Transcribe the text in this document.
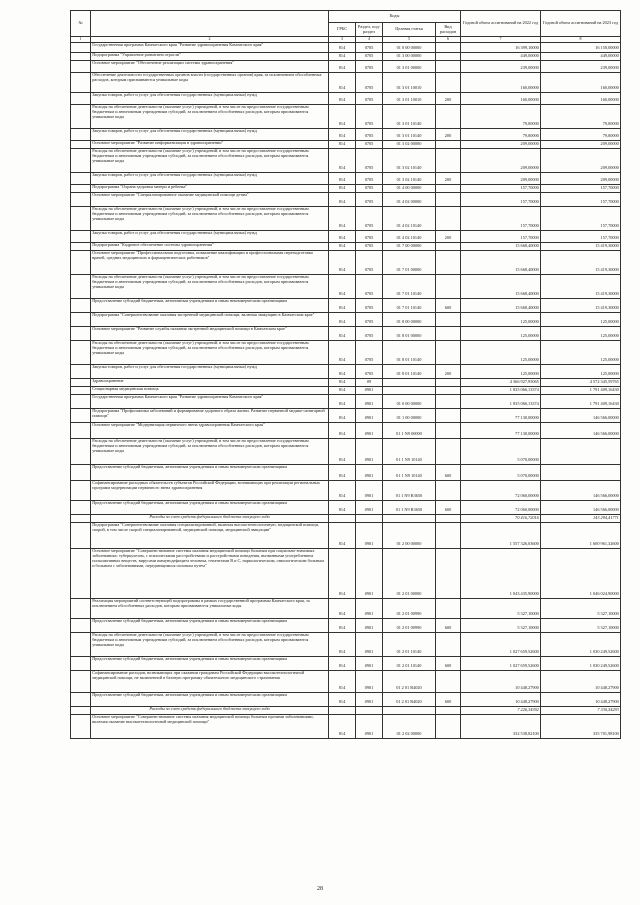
№		Коды				Годовой объем ассигнований на 2022 год	Годовой объем ассигнований на 2023 год
		ГРБС	Раздел, под-раздел	Целевая статья	Вид расходов		
1	2	3	4	5	6	7	8
	Государственная программа Камчатского края "Развитие здравоохранения Камчатского края"	814	0705	01 0 00 00000		16 399,10000	16 150,00000
	Подпрограмма "Управление развитием отрасли"	814	0705	01 3 00 00000		449,00000	449,00000
	Основное мероприятие "Обеспечение реализации системы здравоохранения"	814	0705	01 3 01 00000		239,00000	239,00000
	Обеспечение деятельности государственных органов власти (государственных органов) края, за исключением обособленных расходов, которым присваиваются уникальные коды	814	0705	01 3 01 10010		160,00000	160,00000
	Закупка товаров, работ и услуг для обеспечения государственных (муниципальных) нужд	814	0705	01 3 01 10010	200	160,00000	160,00000
	Расходы на обеспечение деятельности (оказание услуг) учреждений, в том числе на предоставление государственным бюджетным и автономным учреждениям субсидий, за исключением обособленных расходов, которым присваиваются уникальные коды	814	0705	01 3 01 10140		79,00000	79,00000
	Закупка товаров, работ и услуг для обеспечения государственных (муниципальных) нужд	814	0705	01 3 01 10140	200	79,00000	79,00000
	Основное мероприятие "Развитие информатизации в здравоохранении"	814	0705	01 3 02 00000		209,00000	209,00000
	Расходы на обеспечение деятельности (оказание услуг) учреждений, в том числе на предоставление государственным бюджетным и автономным учреждениям субсидий, за исключением обособленных расходов, которым присваиваются уникальные коды	814	0705	01 3 02 10140		209,00000	209,00000
	Закупка товаров, работ и услуг для обеспечения государственных (муниципальных) нужд	814	0705	01 3 02 10140	200	209,00000	209,00000
	Подпрограмма "Охрана здоровья матери и ребенка"	814	0705	01 4 00 00000		157,70000	157,70000
	Основное мероприятие "Специализированное оказание медицинской помощи детям"	814	0705	01 4 02 00000		157,70000	157,70000
	Расходы на обеспечение деятельности (оказание услуг) учреждений, в том числе на предоставление государственным бюджетным и автономным учреждениям субсидий, за исключением обособленных расходов, которым присваиваются уникальные коды	814	0705	01 4 02 10140		157,70000	157,70000
	Закупка товаров, работ и услуг для обеспечения государственных (муниципальных) нужд	814	0705	01 4 02 10140	200	157,70000	157,70000
	Подпрограмма "Кадровое обеспечение системы здравоохранения"	814	0705	01 7 00 00000		15 668,40000	15 419,30000
	Основное мероприятие "Профессиональная подготовка, повышение квалификации и профессиональная переподготовка врачей, средних медицинских и фармацевтических работников"	814	0705	01 7 01 00000		15 668,40000	15 419,30000
	Расходы на обеспечение деятельности (оказание услуг) учреждений, в том числе на предоставление государственным бюджетным и автономным учреждениям субсидий, за исключением обособленных расходов, которым присваиваются уникальные коды	814	0705	01 7 01 10140		15 668,40000	15 419,30000
	Предоставление субсидий бюджетным, автономным учреждениям и иным некоммерческим организациям	814	0705	01 7 01 10140	600	15 668,40000	15 419,30000
	Подпрограмма "Совершенствование оказания экстренной медицинской помощи, включая эвакуацию в Камчатском крае"	814	0705	01 8 00 00000		125,00000	125,00000
	Основное мероприятие "Развитие службы оказания экстренной медицинской помощи в Камчатском крае"	814	0705	01 8 01 00000		125,00000	125,00000
	Расходы на обеспечение деятельности (оказание услуг) учреждений, в том числе на предоставление государственным бюджетным и автономным учреждениям субсидий, за исключением обособленных расходов, которым присваиваются уникальные коды	814	0705	01 8 01 10140		125,00000	125,00000
	Закупка товаров, работ и услуг для обеспечения государственных (муниципальных) нужд	814	0705	01 8 01 10140	200	125,00000	125,00000
	Здравоохранение	814	09			4 366 927,95065	4 572 345,59765
	Стационарная медицинская помощь	814	0901			1 835 066,13374	1 791 409,16430
	Государственная программа Камчатского края "Развитие здравоохранения Камчатского края"	814	0901	01 0 00 00000		1 835 066,13374	1 791 409,16430
	Подпрограмма "Профилактика заболеваний и формирование здорового образа жизни. Развитие первичной медико-санитарной помощи"	814	0901	01 1 00 00000		77 130,00000	146 566,00000
	Основное мероприятие "Модернизация первичного звена здравоохранения Камчатского края"	814	0901	01 1 N9 00000		77 130,00000	146 566,00000
	Расходы на обеспечение деятельности (оказание услуг) учреждений, в том числе на предоставление государственным бюджетным и автономным учреждениям субсидий, за исключением обособленных расходов, которым присваиваются уникальные коды	814	0901	01 1 N9 10140		5 070,00000	
	Предоставление субсидий бюджетным, автономным учреждениям и иным некоммерческим организациям	814	0901	01 1 N9 10140	600	5 070,00000	
	Софинансирование расходных обязательств субъектов Российской Федерации, возникающих при реализации региональных программ модернизации первичного звена здравоохранения	814	0901	01 1 N9 R3650		72 060,00000	146 566,00000
	Предоставление субсидий бюджетным, автономным учреждениям и иным некоммерческим организациям	814	0901	01 1 N9 R3650	600	72 060,00000	146 566,00000
	Расходы за счет средств федерального бюджета текущего года					70 416,72016	143 294,41771
	Подпрограмма "Совершенствование оказания специализированной, включая высокотехнологичную, медицинской помощи, скорой, в том числе скорой специализированной, медицинской помощи, медицинской эвакуации"	814	0901	01 2 00 00000		1 557 326,03600	1 600 961,32600
	Основное мероприятие "Совершенствование системы оказания медицинской помощи больным при социально-значимых заболеваниях: туберкулезом, с психическими расстройствами и расстройствами поведения, вызванными употреблением психоактивных веществ, вирусами иммунодефицита человека, гепатитами В и С, наркологическим, онкологическим больным и больным с заболеваниями, передающимися половым путем"	814	0901	01 2 01 00000		1 043 435,90000	1 046 024,90000
	Реализация мероприятий соответствующей подпрограммы в рамках государственной программы Камчатского края, за исключением обособленных расходов, которым присваиваются уникальные коды	814	0901	01 2 01 00990		5 327,10000	5 327,10000
	Предоставление субсидий бюджетным, автономным учреждениям и иным некоммерческим организациям	814	0901	01 2 01 00990	600	5 327,10000	5 327,10000
	Расходы на обеспечение деятельности (оказание услуг) учреждений, в том числе на предоставление государственным бюджетным и автономным учреждениям субсидий, за исключением обособленных расходов, которым присваиваются уникальные коды	814	0901	01 2 01 10140		1 027 659,52600	1 030 249,52600
	Предоставление субсидий бюджетным, автономным учреждениям и иным некоммерческим организациям	814	0901	01 2 01 10140	600	1 027 659,52600	1 030 249,52600
	Софинансирование расходов, возникающих при оказании гражданам Российской Федерации высокотехнологичной медицинской помощи, не включенной в базовую программу обязательного медицинского страхования	814	0901	01 2 01 R4020		10 448,27900	10 448,27900
	Предоставление субсидий бюджетным, автономным учреждениям и иным некоммерческим организациям	814	0901	01 2 01 R4020	600	10 448,27900	10 448,27900
	Расходы за счет средств федерального бюджета текущего года					7 226,34392	7 330,54293
	Основное мероприятие "Совершенствование системы оказания медицинской помощи больным прочими заболеваниями, включая оказание высокотехнологичной медицинской помощи"	814	0901	01 2 02 00000		332 538,82100	335 701,98100
28
